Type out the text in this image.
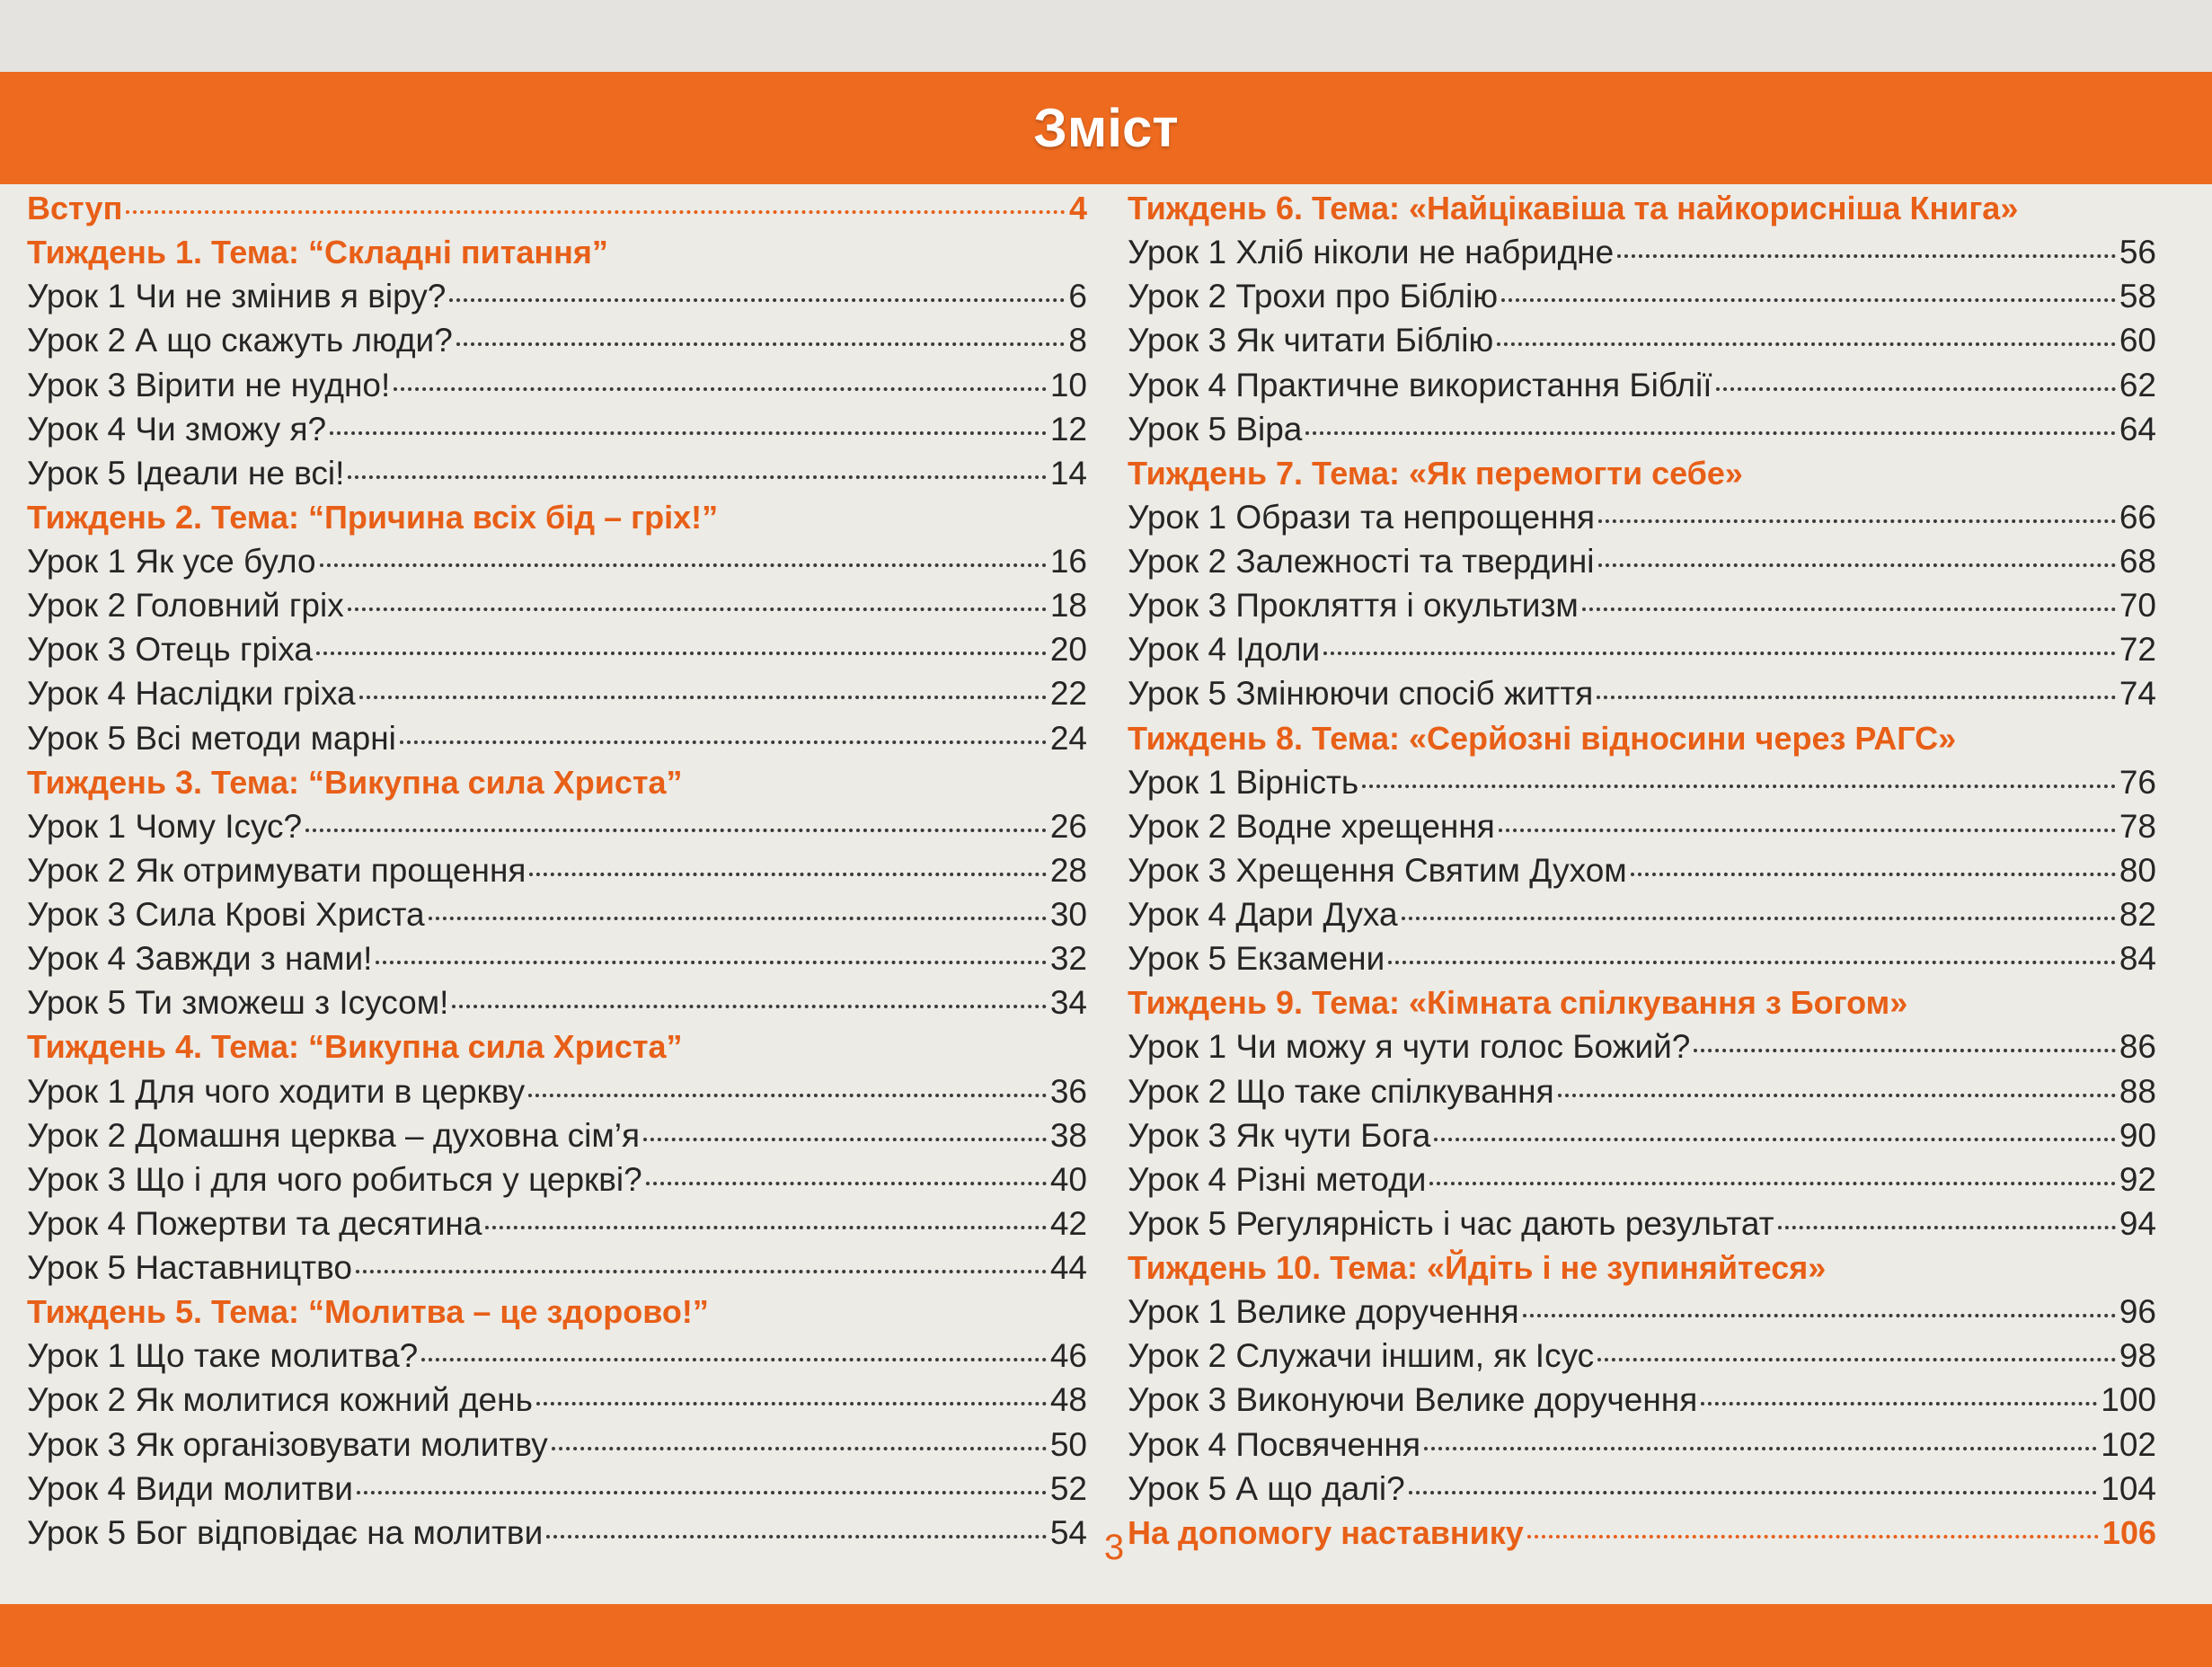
Зміст
Вступ	4
Тиждень 1. Тема: “Складні питання”
Урок 1 Чи не змінив я віру?	6
Урок 2 А що скажуть люди?	8
Урок 3 Вірити не нудно!	10
Урок 4 Чи зможу я?	12
Урок 5 Ідеали не всі!	14
Тиждень 2. Тема: “Причина всіх бід – гріх!”
Урок 1 Як усе було	16
Урок 2 Головний гріх	18
Урок 3 Отець гріха	20
Урок 4 Наслідки гріха	22
Урок 5 Всі методи марні	24
Тиждень 3. Тема: “Викупна сила Христа”
Урок 1 Чому Ісус?	26
Урок 2 Як отримувати прощення	28
Урок 3 Сила Крові Христа	30
Урок 4 Завжди з нами!	32
Урок 5 Ти зможеш з Ісусом!	34
Тиждень 4. Тема: “Викупна сила Христа”
Урок 1 Для чого ходити в церкву	36
Урок 2 Домашня церква – духовна сім’я	38
Урок 3 Що і для чого робиться у церкві?	40
Урок 4 Пожертви та десятина	42
Урок 5 Наставництво	44
Тиждень 5. Тема: “Молитва – це здорово!”
Урок 1 Що таке молитва?	46
Урок 2 Як молитися кожний день	48
Урок 3 Як організовувати молитву	50
Урок 4 Види молитви	52
Урок 5 Бог відповідає на молитви	54
Тиждень 6. Тема: «Найцікавіша та найкорисніша Книга»
Урок 1 Хліб ніколи не набридне	56
Урок 2 Трохи про Біблію	58
Урок 3 Як читати Біблію	60
Урок 4 Практичне використання Біблії	62
Урок 5 Віра	64
Тиждень 7. Тема: «Як перемогти себе»
Урок 1 Образи та непрощення	66
Урок 2 Залежності та твердині	68
Урок 3 Прокляття і окультизм	70
Урок 4 Ідоли	72
Урок 5 Змінюючи спосіб життя	74
Тиждень 8. Тема: «Серйозні відносини через РАГС»
Урок 1 Вірність	76
Урок 2 Водне хрещення	78
Урок 3 Хрещення Святим Духом	80
Урок 4 Дари Духа	82
Урок 5 Екзамени	84
Тиждень 9. Тема: «Кімната спілкування з Богом»
Урок 1 Чи можу я чути голос Божий?	86
Урок 2 Що таке спілкування	88
Урок 3 Як чути Бога	90
Урок 4 Різні методи	92
Урок 5 Регулярність і час дають результат	94
Тиждень 10. Тема: «Йдіть і не зупиняйтеся»
Урок 1 Велике доручення	96
Урок 2 Служачи іншим, як Ісус	98
Урок 3 Виконуючи Велике доручення	100
Урок 4 Посвячення	102
Урок 5 А що далі?	104
На допомогу наставнику	106
3
